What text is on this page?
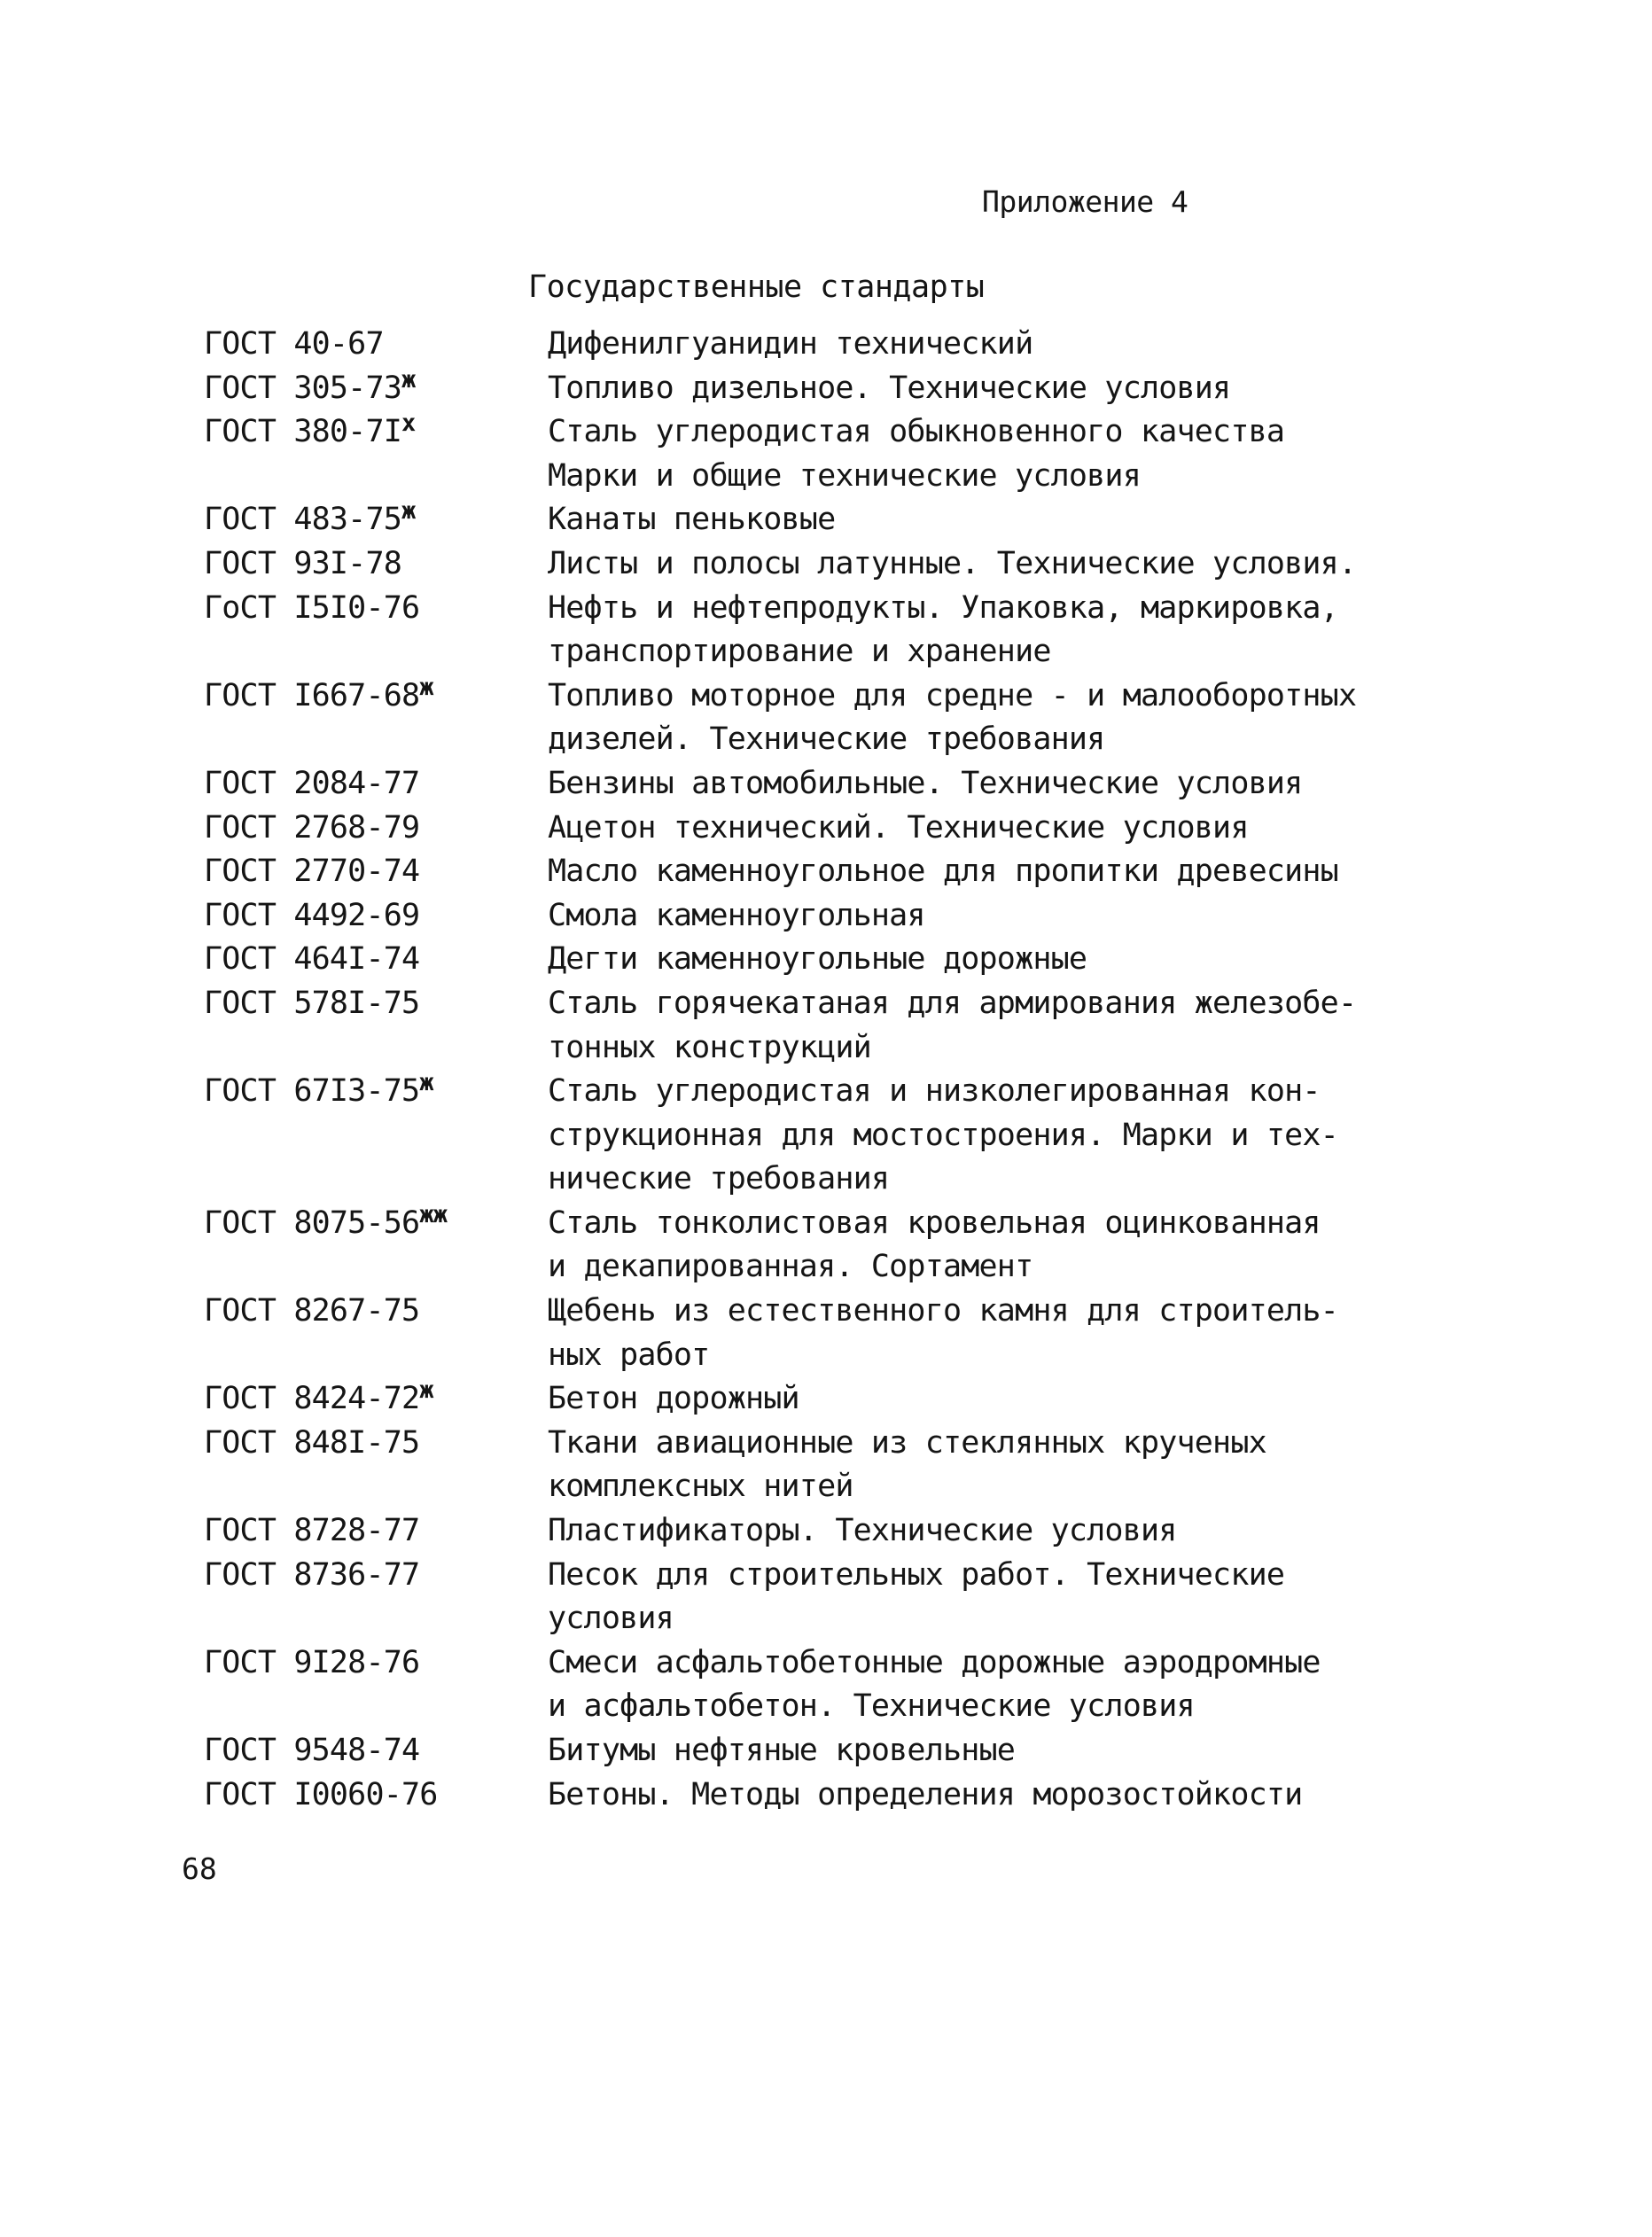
Приложение 4
Государственные стандарты
ГОСТ 40-67	Дифенилгуанидин технический
ГОСТ $305-73^ж$	Топливо дизельное. Технические условия
ГОСТ $380-7I^х$	Сталь углеродистая обыкновенного качества
Марки и общие технические условия
ГОСТ $483-75^ж$	Канаты пеньковые
ГОСТ 93I-78	Листы и полосы латунные. Технические условия.
ГоСТ I5I0-76	Нефть и нефтепродукты. Упаковка, маркировка,
транспортирование и хранение
ГОСТ $I667-68^ж$	Топливо моторное для средне - и малооборотных
дизелей. Технические требования
ГОСТ 2084-77	Бензины автомобильные. Технические условия
ГОСТ 2768-79	Ацетон технический. Технические условия
ГОСТ 2770-74	Масло каменноугольное для пропитки древесины
ГОСТ 4492-69	Смола каменноугольная
ГОСТ 464I-74	Дегти каменноугольные дорожные
ГОСТ 578I-75	Сталь горячекатаная для армирования железобе-
тонных конструкций
ГОСТ $67I3-75^ж$	Сталь углеродистая и низколегированная кон-
струкционная для мостостроения. Марки и тех-
нические требования
ГОСТ $8075-56^{жж}$	Сталь тонколистовая кровельная оцинкованная
и декапированная. Сортамент
ГОСТ 8267-75	Щебень из естественного камня для строитель-
ных работ
ГОСТ $8424-72^ж$	Бетон дорожный
ГОСТ 848I-75	Ткани авиационные из стеклянных крученых
комплексных нитей
ГОСТ 8728-77	Пластификаторы. Технические условия
ГОСТ 8736-77	Песок для строительных работ. Технические
условия
ГОСТ 9I28-76	Смеси асфальтобетонные дорожные аэродромные
и асфальтобетон. Технические условия
ГОСТ 9548-74	Битумы нефтяные кровельные
ГОСТ I0060-76	Бетоны. Методы определения морозостойкости
68
